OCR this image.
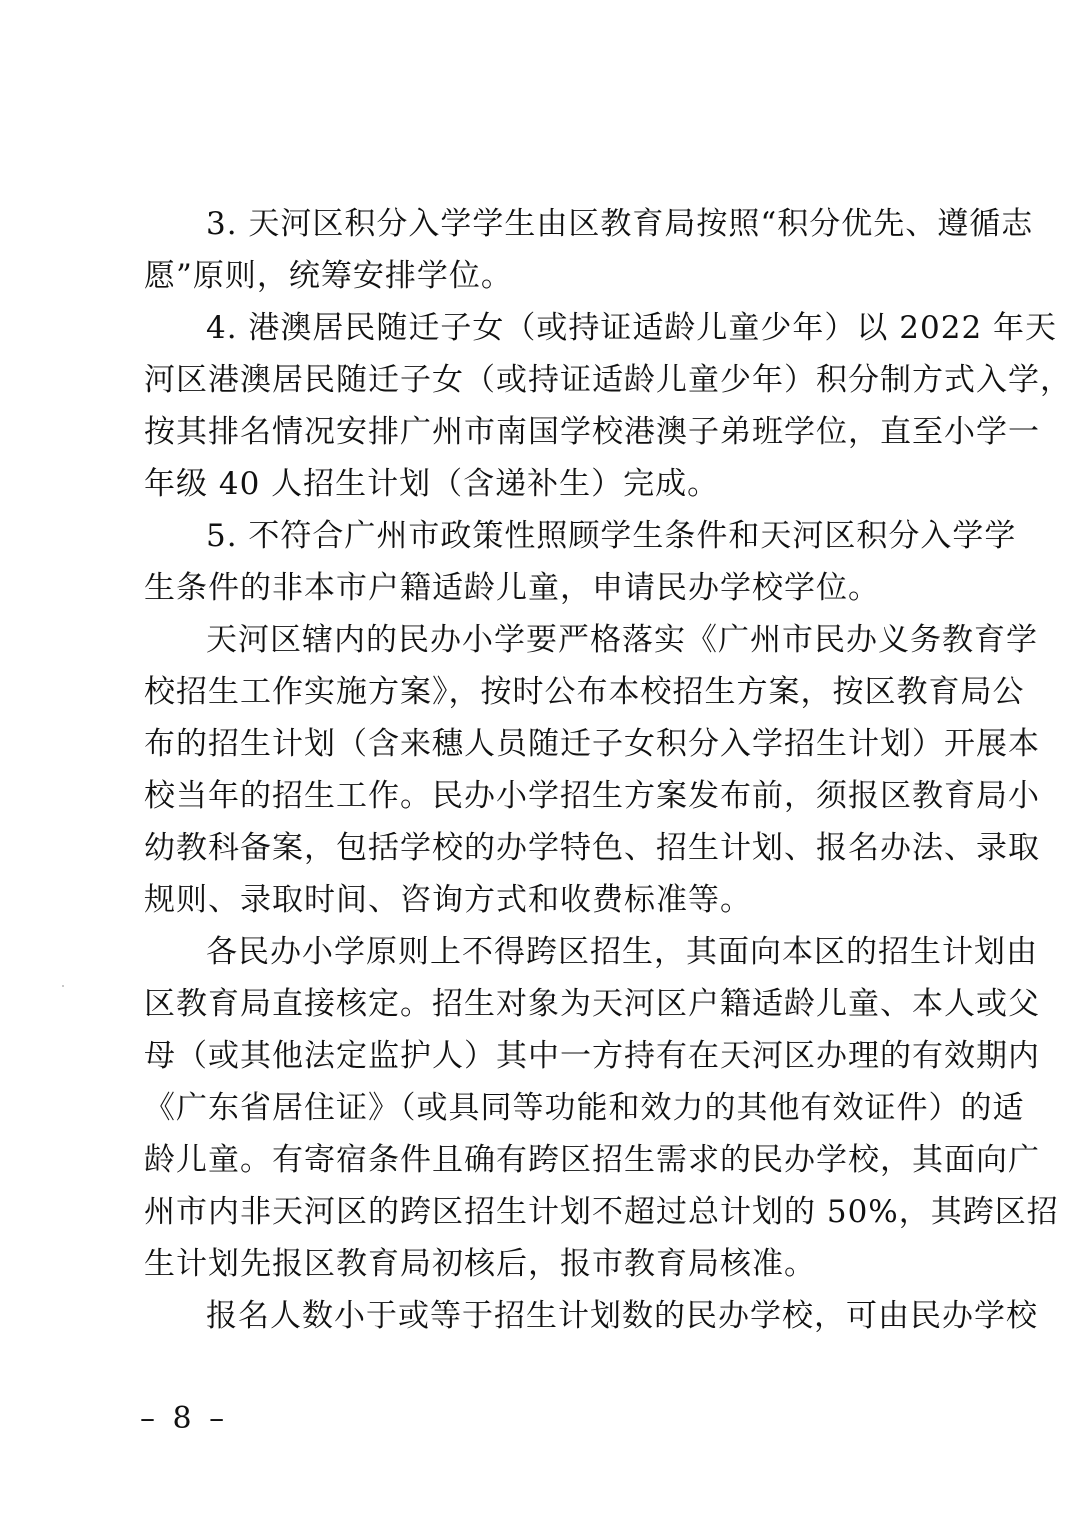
3. 天河区积分入学学生由区教育局按照“积分优先、遵循志
愿”原则，统筹安排学位。
4. 港澳居民随迁子女（或持证适龄儿童少年）以 2022 年天
河区港澳居民随迁子女（或持证适龄儿童少年）积分制方式入学，
按其排名情况安排广州市南国学校港澳子弟班学位，直至小学一
年级 40 人招生计划（含递补生）完成。
5. 不符合广州市政策性照顾学生条件和天河区积分入学学
生条件的非本市户籍适龄儿童，申请民办学校学位。
天河区辖内的民办小学要严格落实《广州市民办义务教育学
校招生工作实施方案》，按时公布本校招生方案，按区教育局公
布的招生计划（含来穗人员随迁子女积分入学招生计划）开展本
校当年的招生工作。民办小学招生方案发布前，须报区教育局小
幼教科备案，包括学校的办学特色、招生计划、报名办法、录取
规则、录取时间、咨询方式和收费标准等。
各民办小学原则上不得跨区招生，其面向本区的招生计划由
区教育局直接核定。招生对象为天河区户籍适龄儿童、本人或父
母（或其他法定监护人）其中一方持有在天河区办理的有效期内
《广东省居住证》（或具同等功能和效力的其他有效证件）的适
龄儿童。有寄宿条件且确有跨区招生需求的民办学校，其面向广
州市内非天河区的跨区招生计划不超过总计划的 50%，其跨区招
生计划先报区教育局初核后，报市教育局核准。
报名人数小于或等于招生计划数的民办学校，可由民办学校
– 8 –
